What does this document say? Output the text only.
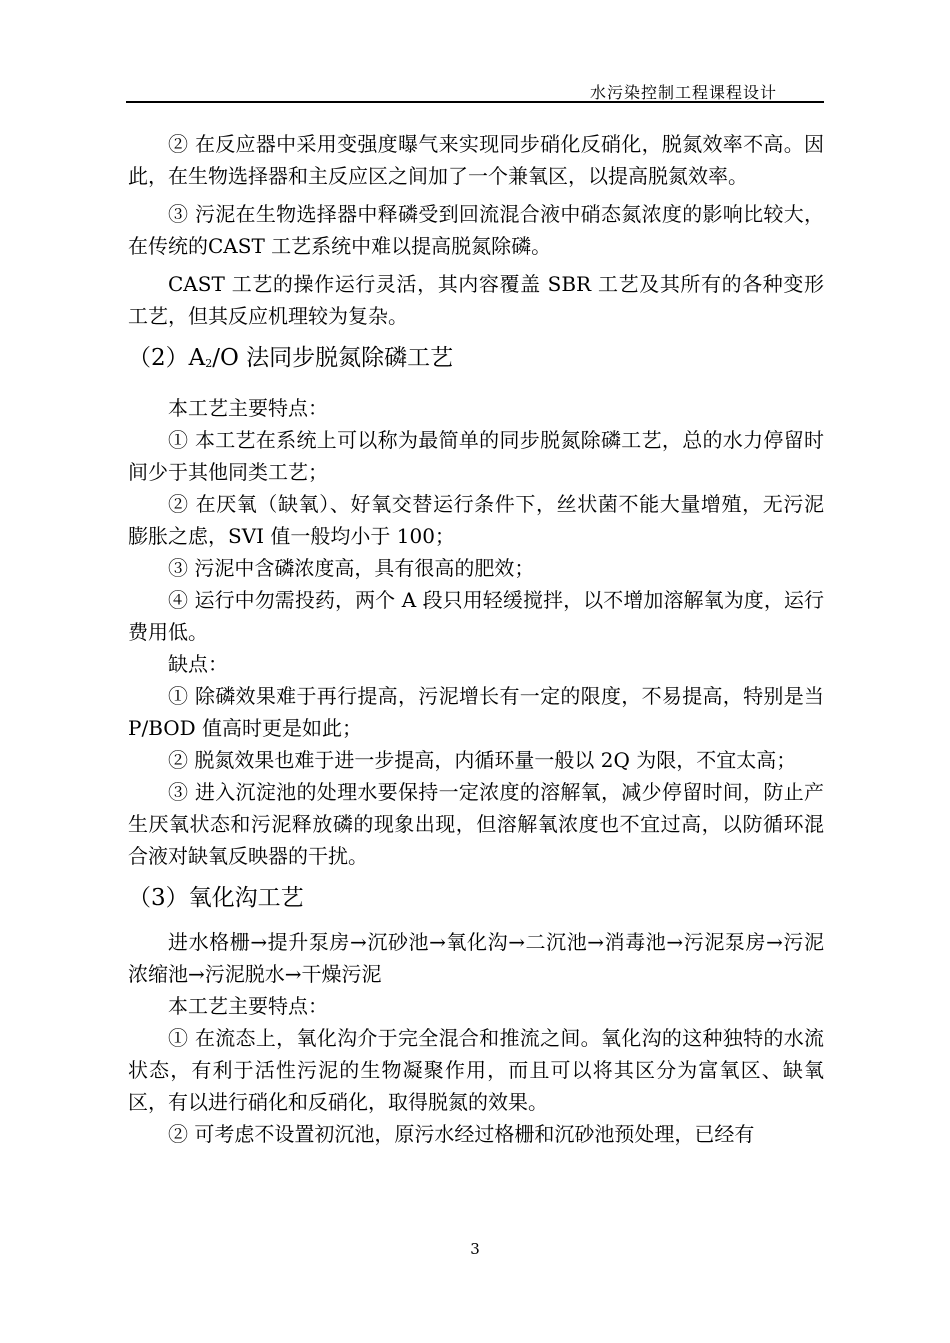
水污染控制工程课程设计

② 在反应器中采用变强度曝气来实现同步硝化反硝化，脱氮效率不高。因此，在生物选择器和主反应区之间加了一个兼氧区，以提高脱氮效率。

③ 污泥在生物选择器中释磷受到回流混合液中硝态氮浓度的影响比较大，在传统的CAST 工艺系统中难以提高脱氮除磷。

CAST 工艺的操作运行灵活，其内容覆盖 SBR 工艺及其所有的各种变形工艺，但其反应机理较为复杂。

$(2)A_2/O$ 法同步脱氮除磷工艺

本工艺主要特点：

① 本工艺在系统上可以称为最简单的同步脱氮除磷工艺，总的水力停留时间少于其他同类工艺；

② 在厌氧（缺氧）、好氧交替运行条件下，丝状菌不能大量增殖，无污泥膨胀之虑，SVI 值一般均小于 100；

③ 污泥中含磷浓度高，具有很高的肥效；

④ 运行中勿需投药，两个 A 段只用轻缓搅拌，以不增加溶解氧为度，运行费用低。

缺点：

① 除磷效果难于再行提高，污泥增长有一定的限度，不易提高，特别是当 P/BOD 值高时更是如此；

② 脱氮效果也难于进一步提高，内循环量一般以 2Q 为限，不宜太高；

③ 进入沉淀池的处理水要保持一定浓度的溶解氧，减少停留时间，防止产生厌氧状态和污泥释放磷的现象出现，但溶解氧浓度也不宜过高，以防循环混合液对缺氧反映器的干扰。

（3）氧化沟工艺

进水格栅→提升泵房→沉砂池→氧化沟→二沉池→消毒池→污泥泵房→污泥浓缩池→污泥脱水→干燥污泥

本工艺主要特点：

① 在流态上，氧化沟介于完全混合和推流之间。氧化沟的这种独特的水流状态，有利于活性污泥的生物凝聚作用，而且可以将其区分为富氧区、缺氧区，有以进行硝化和反硝化，取得脱氮的效果。

② 可考虑不设置初沉池，原污水经过格栅和沉砂池预处理，已经有

3
